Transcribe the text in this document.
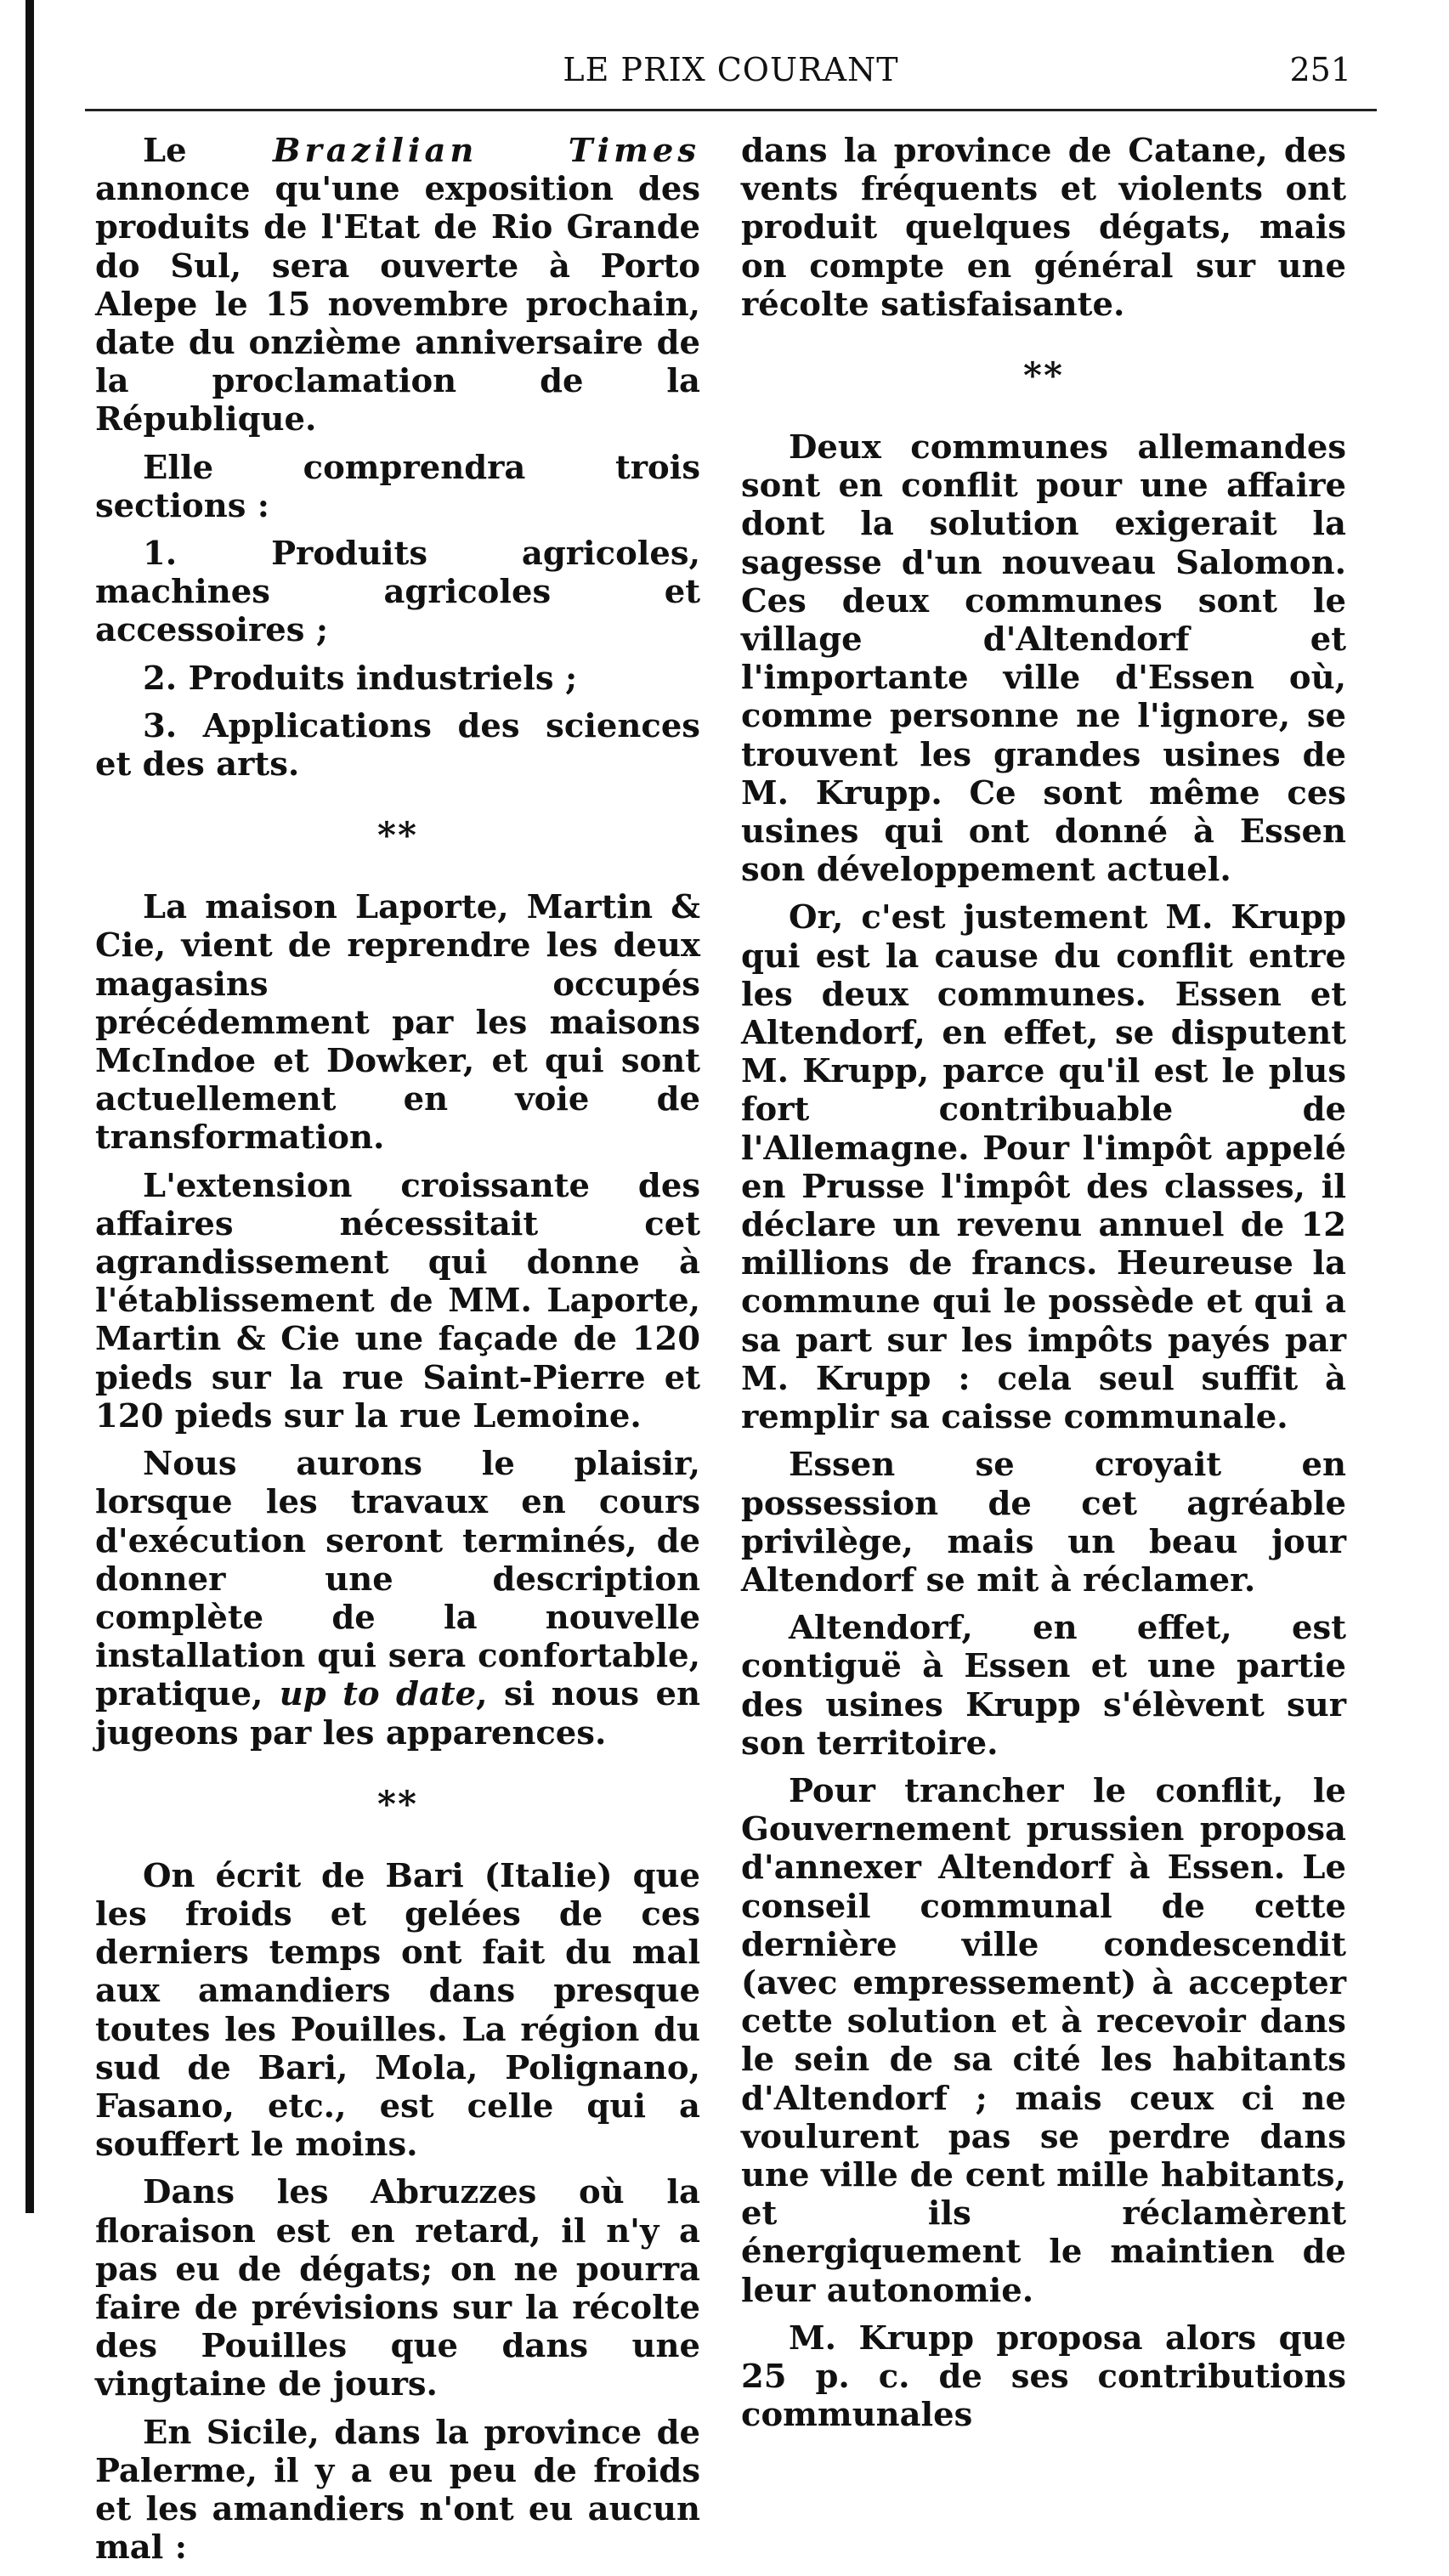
LE PRIX COURANT	251

Le Brazilian Times annonce qu'une exposition des produits de l'Etat de Rio Grande do Sul, sera ouverte à Porto Alepe le 15 novembre prochain, date du onzième anniversaire de la proclamation de la République.

Elle comprendra trois sections :

1. Produits agricoles, machines agricoles et accessoires ;

2. Produits industriels ;

3. Applications des sciences et des arts.

**

La maison Laporte, Martin & Cie, vient de reprendre les deux magasins occupés précédemment par les maisons McIndoe et Dowker, et qui sont actuellement en voie de transformation.

L'extension croissante des affaires nécessitait cet agrandissement qui donne à l'établissement de MM. Laporte, Martin & Cie une façade de 120 pieds sur la rue Saint-Pierre et 120 pieds sur la rue Lemoine.

Nous aurons le plaisir, lorsque les travaux en cours d'exécution seront terminés, de donner une description complète de la nouvelle installation qui sera confortable, pratique, up to date, si nous en jugeons par les apparences.

**

On écrit de Bari (Italie) que les froids et gelées de ces derniers temps ont fait du mal aux amandiers dans presque toutes les Pouilles. La région du sud de Bari, Mola, Polignano, Fasano, etc., est celle qui a souffert le moins.

Dans les Abruzzes où la floraison est en retard, il n'y a pas eu de dégats; on ne pourra faire de prévisions sur la récolte des Pouilles que dans une vingtaine de jours.

En Sicile, dans la province de Palerme, il y a eu peu de froids et les amandiers n'ont eu aucun mal :

dans la province de Catane, des vents fréquents et violents ont produit quelques dégats, mais on compte en général sur une récolte satisfaisante.

**

Deux communes allemandes sont en conflit pour une affaire dont la solution exigerait la sagesse d'un nouveau Salomon. Ces deux communes sont le village d'Altendorf et l'importante ville d'Essen où, comme personne ne l'ignore, se trouvent les grandes usines de M. Krupp. Ce sont même ces usines qui ont donné à Essen son développement actuel.

Or, c'est justement M. Krupp qui est la cause du conflit entre les deux communes. Essen et Altendorf, en effet, se disputent M. Krupp, parce qu'il est le plus fort contribuable de l'Allemagne. Pour l'impôt appelé en Prusse l'impôt des classes, il déclare un revenu annuel de 12 millions de francs. Heureuse la commune qui le possède et qui a sa part sur les impôts payés par M. Krupp : cela seul suffit à remplir sa caisse communale.

Essen se croyait en possession de cet agréable privilège, mais un beau jour Altendorf se mit à réclamer.

Altendorf, en effet, est contiguë à Essen et une partie des usines Krupp s'élèvent sur son territoire.

Pour trancher le conflit, le Gouvernement prussien proposa d'annexer Altendorf à Essen. Le conseil communal de cette dernière ville condescendit (avec empressement) à accepter cette solution et à recevoir dans le sein de sa cité les habitants d'Altendorf ; mais ceux ci ne voulurent pas se perdre dans une ville de cent mille habitants, et ils réclamèrent énergiquement le maintien de leur autonomie.

M. Krupp proposa alors que 25 p. c. de ses contributions communales
